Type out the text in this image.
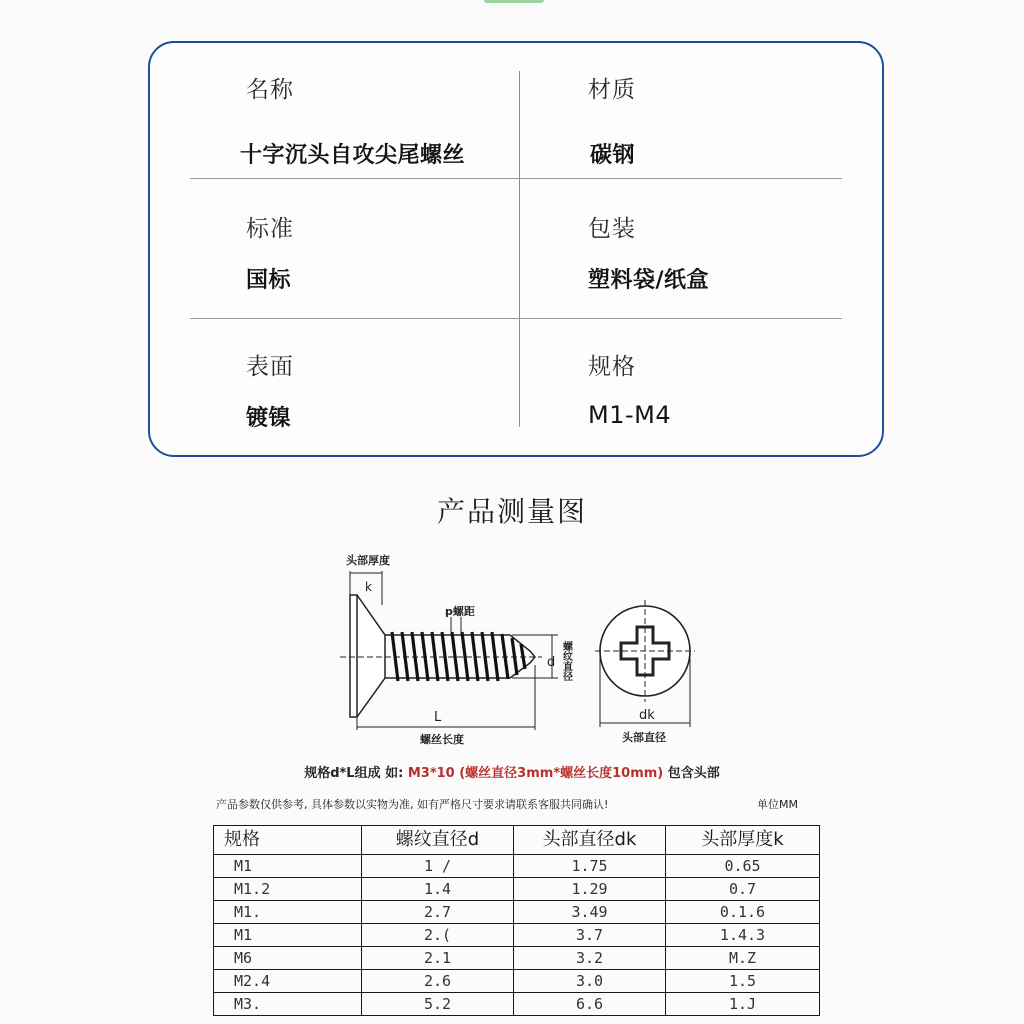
名称
十字沉头自攻尖尾螺丝
材质
碳钢
标准
国标
包装
塑料袋/纸盒
表面
镀镍
规格
M1-M4
产品测量图
头部厚度
k
p螺距
d 螺纹直径
L
螺丝长度
dk
头部直径
规格d*L组成 如: M3*10 (螺丝直径3mm*螺丝长度10mm) 包含头部
产品参数仅供参考, 具体参数以实物为准, 如有严格尺寸要求请联系客服共同确认!	单位MM
规格	螺纹直径d	头部直径dk	头部厚度k
M1	1 /	1.75	0.65
M1.2	1.4	1.29	0.7
M1.	2.7	3.49	0.1.6
M1	2.(	3.7	1.4.3
M6	2.1	3.2	M.Z
M2.4	2.6	3.0	1.5
M3.	5.2	6.6	1.J
